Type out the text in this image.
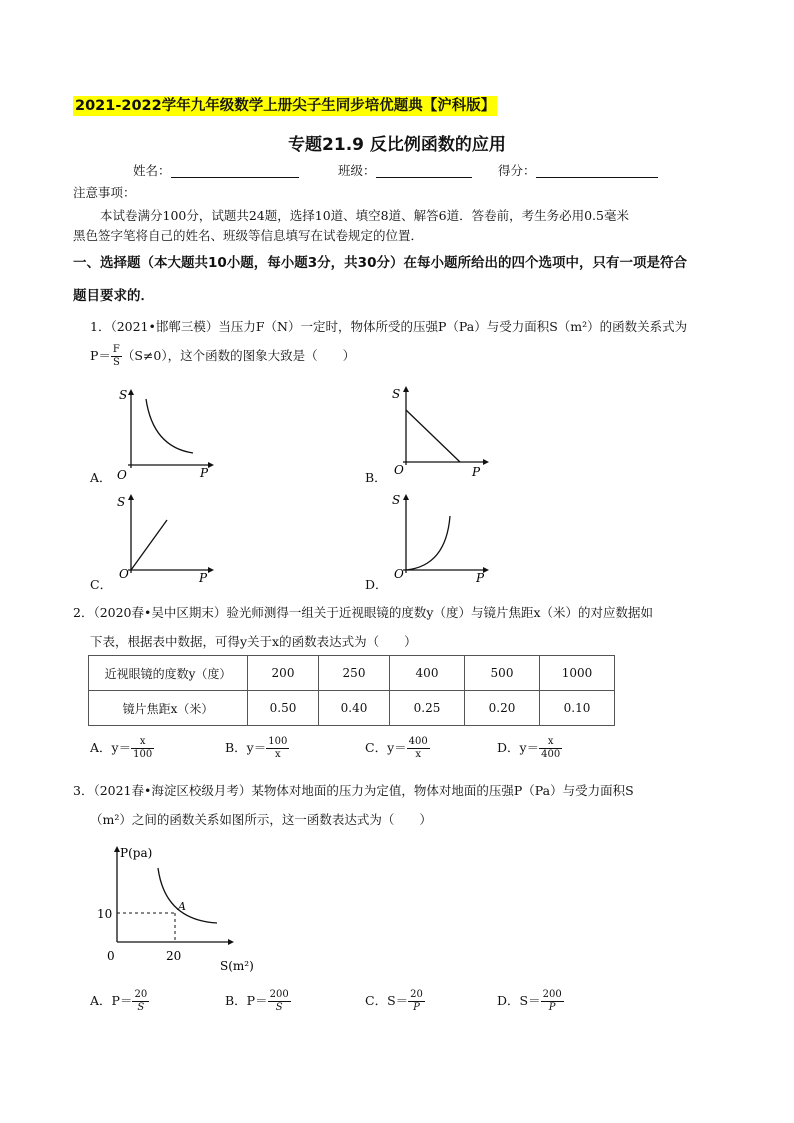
2021-2022学年九年级数学上册尖子生同步培优题典【沪科版】
专题21.9 反比例函数的应用
姓名：	班级：	得分：
注意事项：
本试卷满分100分，试题共24题，选择10道、填空8道、解答6道．答卷前，考生务必用0.5毫米
黑色签字笔将自己的姓名、班级等信息填写在试卷规定的位置．
一、选择题（本大题共10小题，每小题3分，共30分）在每小题所给出的四个选项中，只有一项是符合
题目要求的．
1．（2021•邯郸三模）当压力F（N）一定时，物体所受的压强P（Pa）与受力面积S（m²）的函数关系式为
$P= \frac{F}{S} (S\ne 0)$，这个函数的图象大致是（　　）
S
O	P
A．
S
O	P
B．
S
O	P
C．
S
O	P
D．
2．（2020春•吴中区期末）验光师测得一组关于近视眼镜的度数y（度）与镜片焦距x（米）的对应数据如
下表，根据表中数据，可得y关于x的函数表达式为（　　）
近视眼镜的度数y（度）	200	250	400	500	1000
镜片焦距x（米）	0.50	0.40	0.25	0.20	0.10
A．$y= \frac{x}{100}$	B．$y= \frac{100}{x}$	C．$y= \frac{400}{x}$	D．$y= \frac{x}{400}$
3．（2021春•海淀区校级月考）某物体对地面的压力为定值，物体对地面的压强P（Pa）与受力面积S
（m²）之间的函数关系如图所示，这一函数表达式为（　　）
P(pa)
10
A
0	20
S(m²)
A．$P= \frac{20}{S}$	B．$P= \frac{200}{S}$	C．$S= \frac{20}{P}$	D．$S= \frac{200}{P}$
